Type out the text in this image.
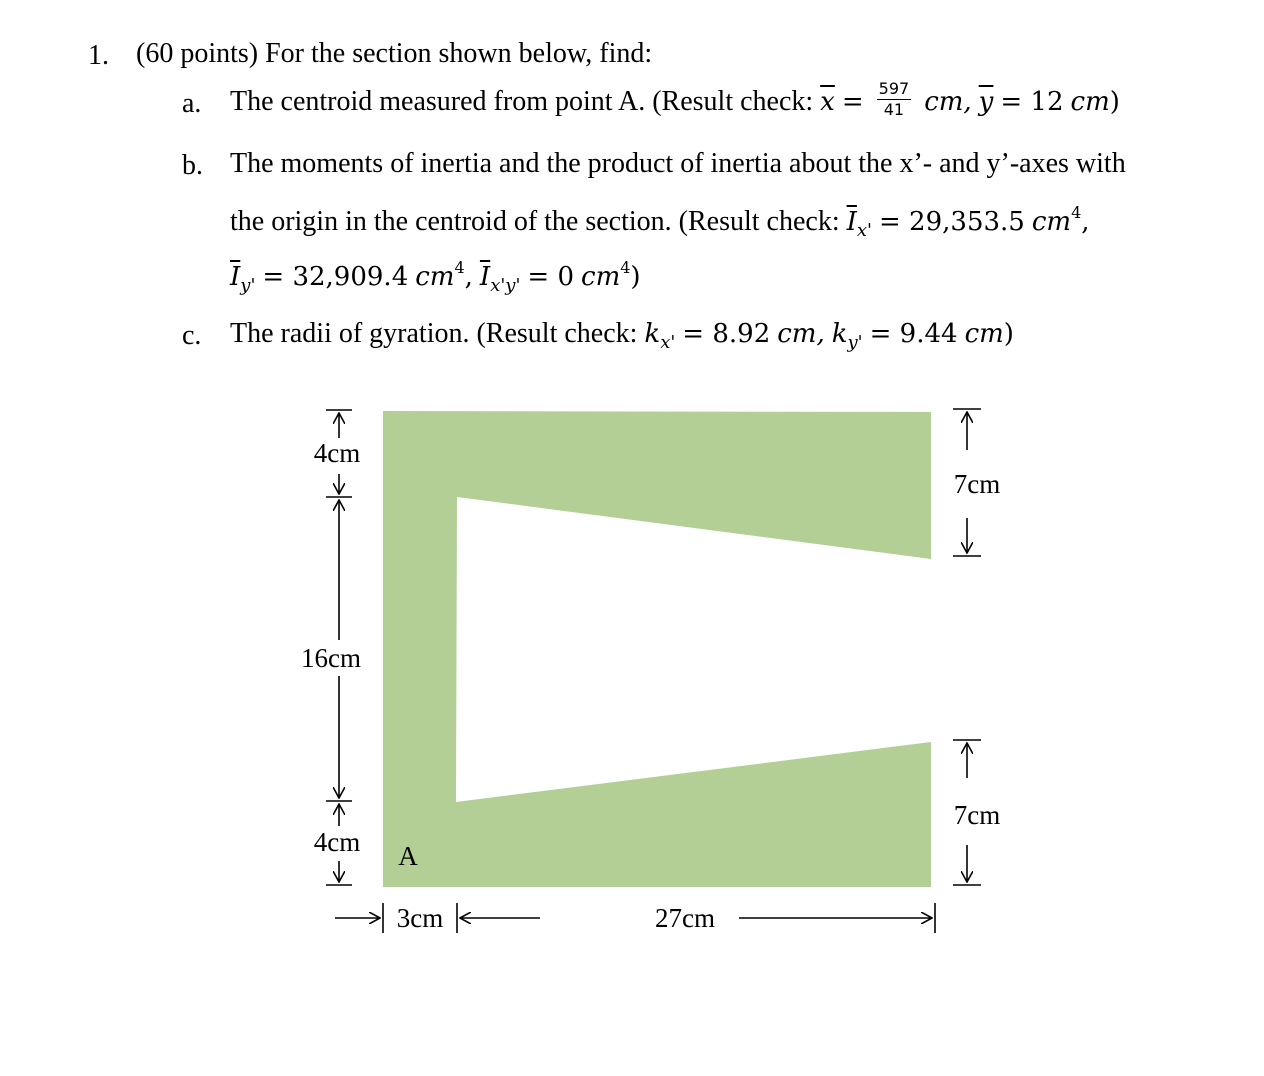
1. (60 points) For the section shown below, find:
a. The centroid measured from point A. (Result check: $\overline{x} = \frac{597}{41}$ cm, $\overline{y} = 12$ cm)
b. The moments of inertia and the product of inertia about the x’- and y’-axes with
the origin in the centroid of the section. (Result check: $\overline{I}_{x'} = 29,353.5$ $cm^4$,
$\overline{I}_{y'} = 32,909.4$ $cm^4$, $\overline{I}_{x'y'} = 0$ $cm^4$)
c. The radii of gyration. (Result check: $k_{x'} = 8.92$ cm, $k_{y'} = 9.44$ cm)
4cm
16cm
4cm
7cm
7cm
3cm	27cm
A
